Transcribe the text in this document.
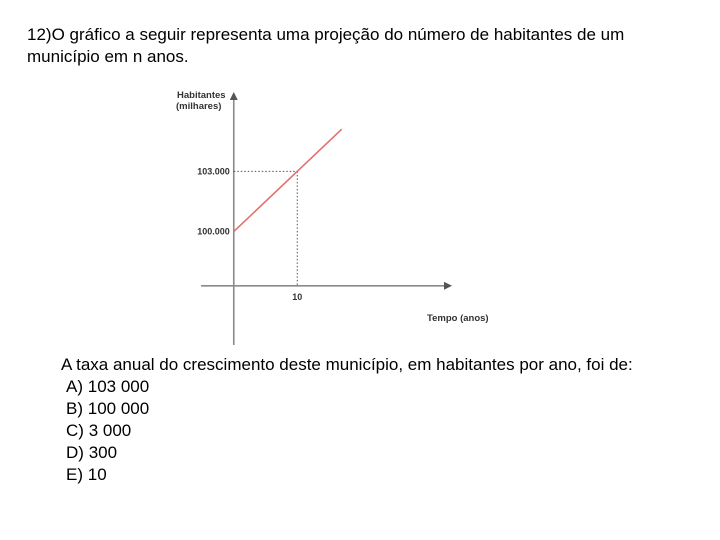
12)O gráfico a seguir representa uma projeção do número de habitantes de um município em n anos.

Habitantes
(milhares)
Tempo (anos)
100.000
103.000
10

A taxa anual do crescimento deste município, em habitantes por ano, foi de:

A) 103 000
B) 100 000
C) 3 000
D) 300
E) 10
